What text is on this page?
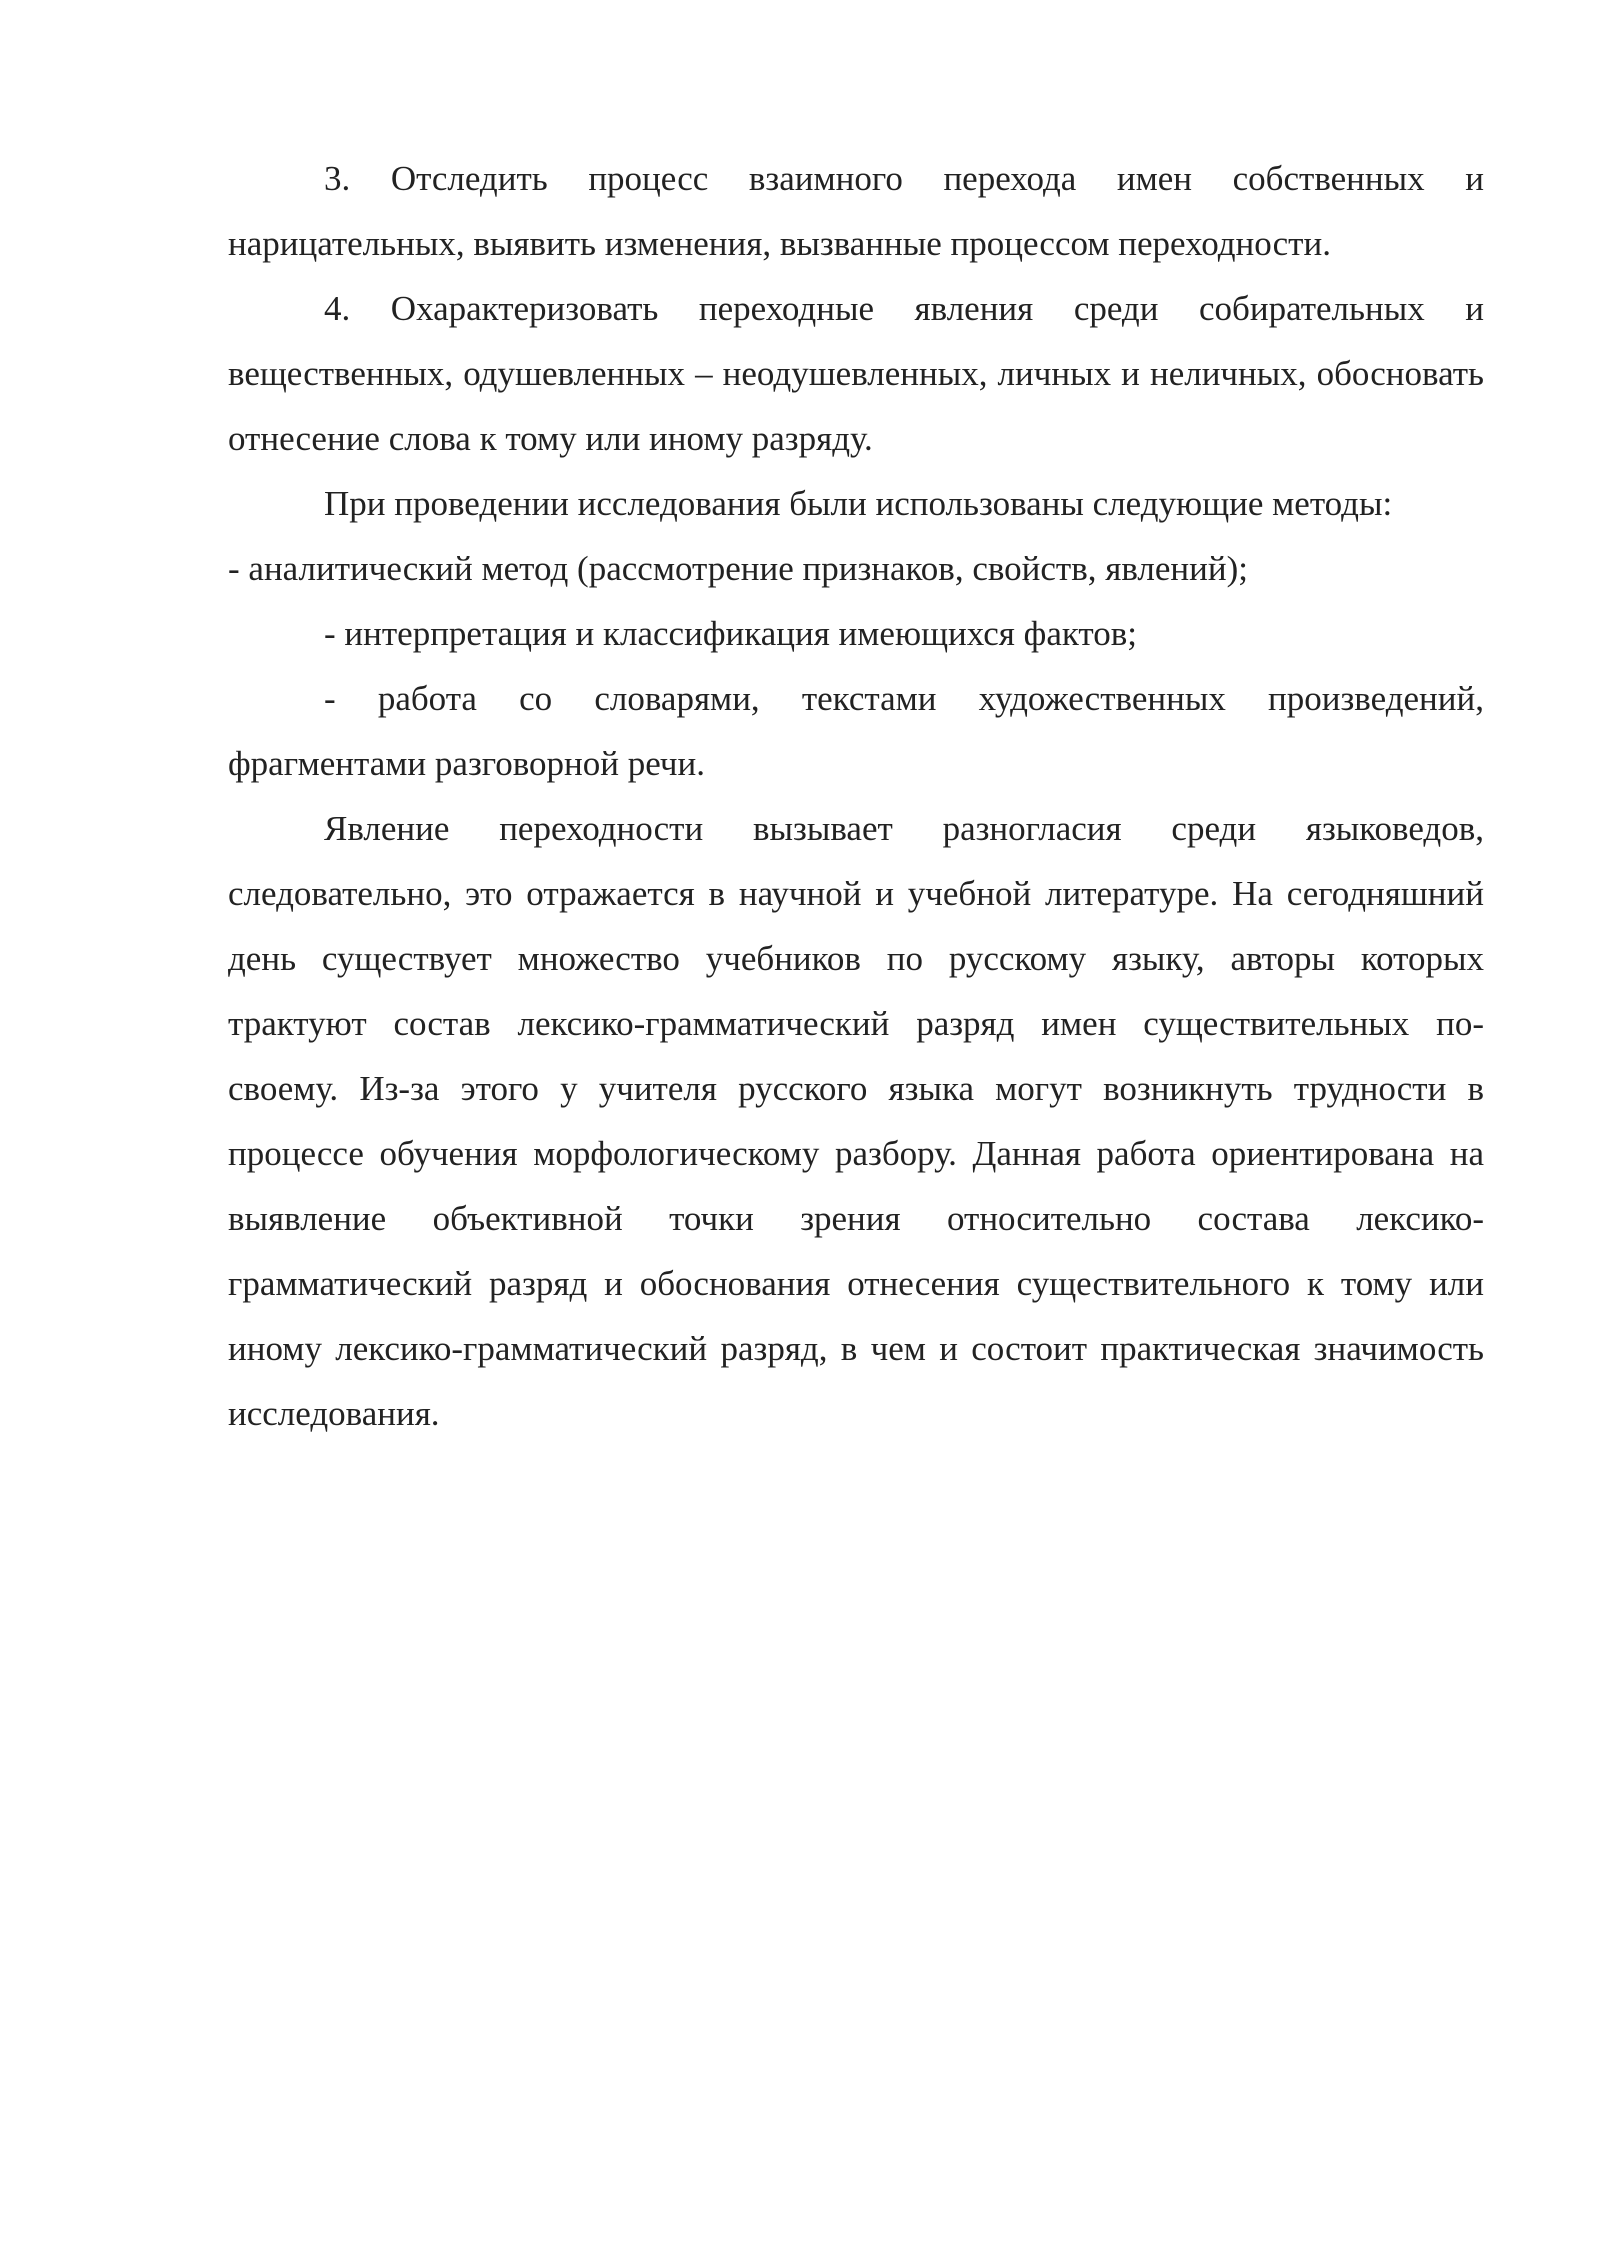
3. Отследить процесс взаимного перехода имен собственных и нарицательных, выявить изменения, вызванные процессом переходности.

4. Охарактеризовать переходные явления среди собирательных и вещественных, одушевленных – неодушевленных, личных и неличных, обосновать отнесение слова к тому или иному разряду.

При проведении исследования были использованы следующие методы:

- аналитический метод (рассмотрение признаков, свойств, явлений);

- интерпретация и классификация имеющихся фактов;

- работа со словарями, текстами художественных произведений, фрагментами разговорной речи.

Явление переходности вызывает разногласия среди языковедов, следовательно, это отражается в научной и учебной литературе. На сегодняшний день существует множество учебников по русскому языку, авторы которых трактуют состав лексико-грамматический разряд имен существительных по-своему. Из-за этого у учителя русского языка могут возникнуть трудности в процессе обучения морфологическому разбору. Данная работа ориентирована на выявление объективной точки зрения относительно состава лексико-грамматический разряд и обоснования отнесения существительного к тому или иному лексико-грамматический разряд, в чем и состоит практическая значимость исследования.
